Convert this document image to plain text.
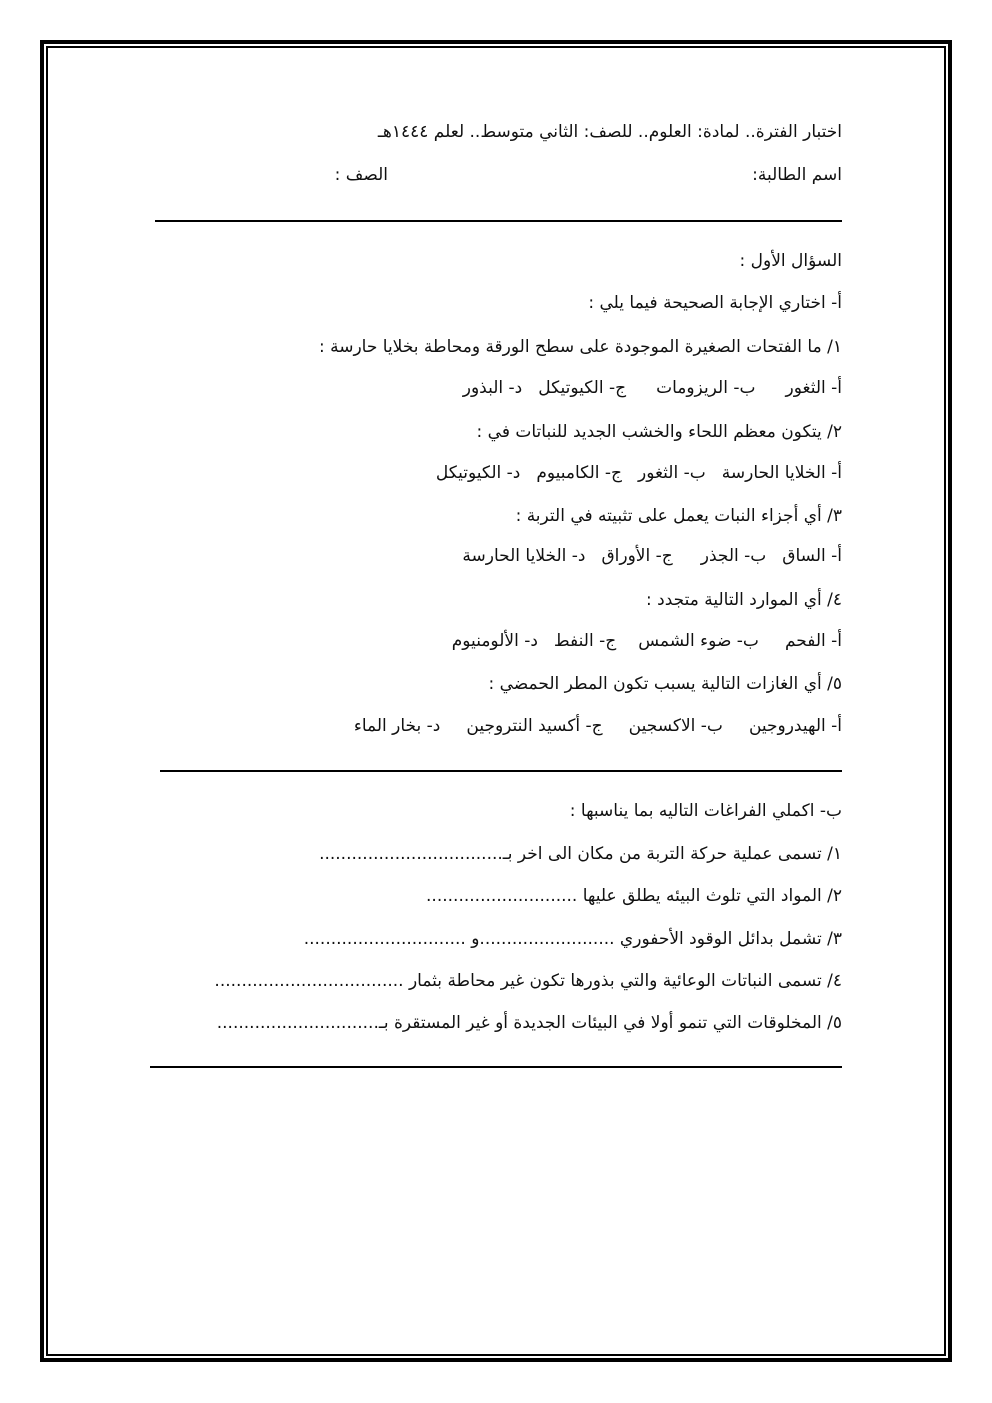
اختبار الفترة.. لمادة: العلوم.. للصف: الثاني متوسط.. لعلم ١٤٤٤هـ
اسم الطالبة:
الصف :
السؤال الأول :
أ- اختاري الإجابة الصحيحة فيما يلي :
١/ ما الفتحات الصغيرة الموجودة على سطح الورقة ومحاطة بخلايا حارسة :
أ- الثغور
ب- الريزومات
ج- الكيوتيكل
د- البذور
٢/ يتكون معظم اللحاء والخشب الجديد للنباتات في :
أ- الخلايا الحارسة
ب- الثغور
ج- الكامبيوم
د- الكيوتيكل
٣/ أي أجزاء النبات يعمل على تثبيته في التربة :
أ- الساق
ب- الجذر
ج- الأوراق
د- الخلايا الحارسة
٤/ أي الموارد التالية متجدد :
أ- الفحم
ب- ضوء الشمس
ج- النفط
د- الألومنيوم
٥/ أي الغازات التالية يسبب تكون المطر الحمضي :
أ- الهيدروجين
ب- الاكسجين
ج- أكسيد النتروجين
د- بخار الماء
ب- اكملي الفراغات التاليه بما يناسبها :
١/ تسمى عملية حركة التربة من مكان الى اخر بـ..................................
٢/ المواد التي تلوث البيئه يطلق عليها ............................
٣/ تشمل بدائل الوقود الأحفوري .........................و ..............................
٤/ تسمى النباتات الوعائية والتي بذورها تكون غير محاطة بثمار ...................................
٥/ المخلوقات التي تنمو أولا في البيئات الجديدة أو غير المستقرة بـ..............................
